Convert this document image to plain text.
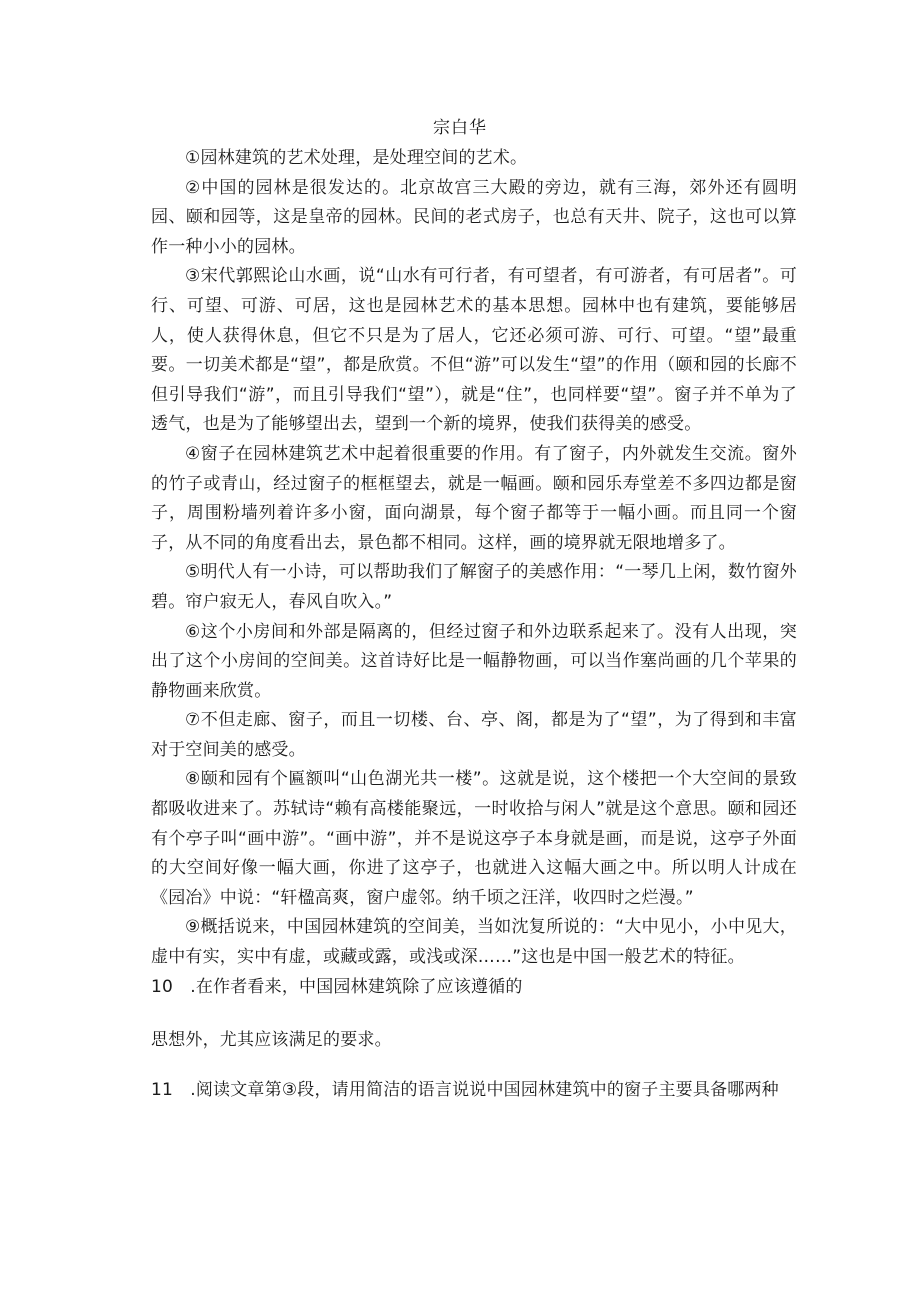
宗白华

①园林建筑的艺术处理，是处理空间的艺术。

②中国的园林是很发达的。北京故宫三大殿的旁边，就有三海，郊外还有圆明园、颐和园等，这是皇帝的园林。民间的老式房子，也总有天井、院子，这也可以算作一种小小的园林。

③宋代郭熙论山水画，说“山水有可行者，有可望者，有可游者，有可居者”。可行、可望、可游、可居，这也是园林艺术的基本思想。园林中也有建筑，要能够居人，使人获得休息，但它不只是为了居人，它还必须可游、可行、可望。“望”最重要。一切美术都是“望”，都是欣赏。不但“游”可以发生“望”的作用（颐和园的长廊不但引导我们“游”，而且引导我们“望”），就是“住”，也同样要“望”。窗子并不单为了透气，也是为了能够望出去，望到一个新的境界，使我们获得美的感受。

④窗子在园林建筑艺术中起着很重要的作用。有了窗子，内外就发生交流。窗外的竹子或青山，经过窗子的框框望去，就是一幅画。颐和园乐寿堂差不多四边都是窗子，周围粉墙列着许多小窗，面向湖景，每个窗子都等于一幅小画。而且同一个窗子，从不同的角度看出去，景色都不相同。这样，画的境界就无限地增多了。

⑤明代人有一小诗，可以帮助我们了解窗子的美感作用：“一琴几上闲，数竹窗外碧。帘户寂无人，春风自吹入。”

⑥这个小房间和外部是隔离的，但经过窗子和外边联系起来了。没有人出现，突出了这个小房间的空间美。这首诗好比是一幅静物画，可以当作塞尚画的几个苹果的静物画来欣赏。

⑦不但走廊、窗子，而且一切楼、台、亭、阁，都是为了“望”，为了得到和丰富对于空间美的感受。

⑧颐和园有个匾额叫“山色湖光共一楼”。这就是说，这个楼把一个大空间的景致都吸收进来了。苏轼诗“赖有高楼能聚远，一时收拾与闲人”就是这个意思。颐和园还有个亭子叫“画中游”。“画中游”，并不是说这亭子本身就是画，而是说，这亭子外面的大空间好像一幅大画，你进了这亭子，也就进入这幅大画之中。所以明人计成在《园冶》中说：“轩楹高爽，窗户虚邻。纳千顷之汪洋，收四时之烂漫。”

⑨概括说来，中国园林建筑的空间美，当如沈复所说的：“大中见小，小中见大，虚中有实，实中有虚，或藏或露，或浅或深……”这也是中国一般艺术的特征。

10　.在作者看来，中国园林建筑除了应该遵循的

思想外，尤其应该满足的要求。

11　.阅读文章第③段，请用简洁的语言说说中国园林建筑中的窗子主要具备哪两种
